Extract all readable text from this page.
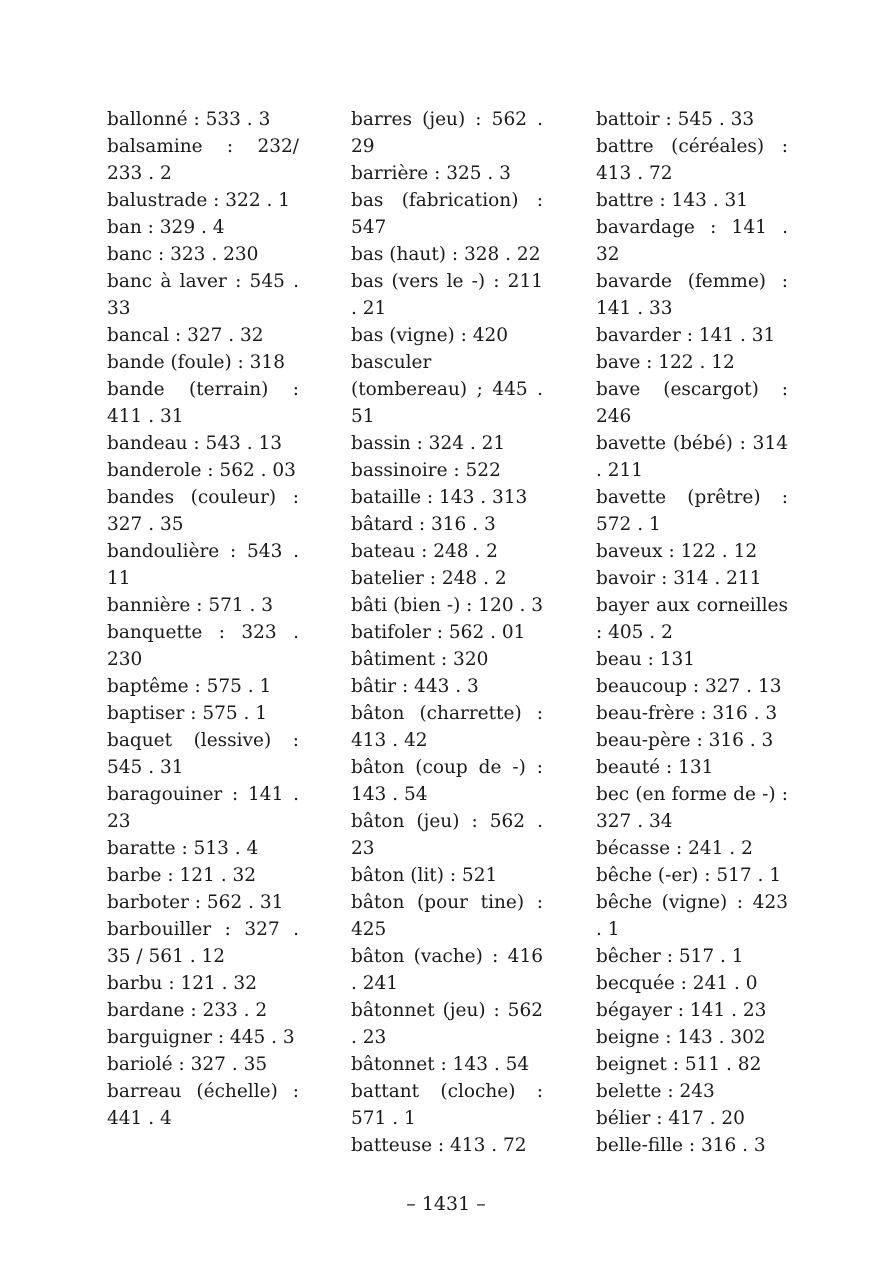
ballonné : 533 . 3
balsamine : 232/ 233 . 2
balustrade : 322 . 1
ban : 329 . 4
banc : 323 . 230
banc à laver : 545 . 33
bancal : 327 . 32
bande (foule) : 318
bande (terrain) : 411 . 31
bandeau : 543 . 13
banderole : 562 . 03
bandes (couleur) : 327 . 35
bandoulière : 543 . 11
bannière : 571 . 3
banquette : 323 . 230
baptême : 575 . 1
baptiser : 575 . 1
baquet (lessive) : 545 . 31
baragouiner : 141 . 23
baratte : 513 . 4
barbe : 121 . 32
barboter : 562 . 31
barbouiller : 327 . 35 / 561 . 12
barbu : 121 . 32
bardane : 233 . 2
barguigner : 445 . 3
bariolé : 327 . 35
barreau (échelle) : 441 . 4
barres (jeu) : 562 . 29
barrière : 325 . 3
bas (fabrication) : 547
bas (haut) : 328 . 22
bas (vers le -) : 211 . 21
bas (vigne) : 420
basculer (tombereau) ; 445 . 51
bassin : 324 . 21
bassinoire : 522
bataille : 143 . 313
bâtard : 316 . 3
bateau : 248 . 2
batelier : 248 . 2
bâti (bien -) : 120 . 3
batifoler : 562 . 01
bâtiment : 320
bâtir : 443 . 3
bâton (charrette) : 413 . 42
bâton (coup de -) : 143 . 54
bâton (jeu) : 562 . 23
bâton (lit) : 521
bâton (pour tine) : 425
bâton (vache) : 416 . 241
bâtonnet (jeu) : 562 . 23
bâtonnet : 143 . 54
battant (cloche) : 571 . 1
batteuse : 413 . 72
battoir : 545 . 33
battre (céréales) : 413 . 72
battre : 143 . 31
bavardage : 141 . 32
bavarde (femme) : 141 . 33
bavarder : 141 . 31
bave : 122 . 12
bave (escargot) : 246
bavette (bébé) : 314 . 211
bavette (prêtre) : 572 . 1
baveux : 122 . 12
bavoir : 314 . 211
bayer aux corneilles : 405 . 2
beau : 131
beaucoup : 327 . 13
beau-frère : 316 . 3
beau-père : 316 . 3
beauté : 131
bec (en forme de -) : 327 . 34
bécasse : 241 . 2
bêche (-er) : 517 . 1
bêche (vigne) : 423 . 1
bêcher : 517 . 1
becquée : 241 . 0
bégayer : 141 . 23
beigne : 143 . 302
beignet : 511 . 82
belette : 243
bélier : 417 . 20
belle-fille : 316 . 3
– 1431 –
